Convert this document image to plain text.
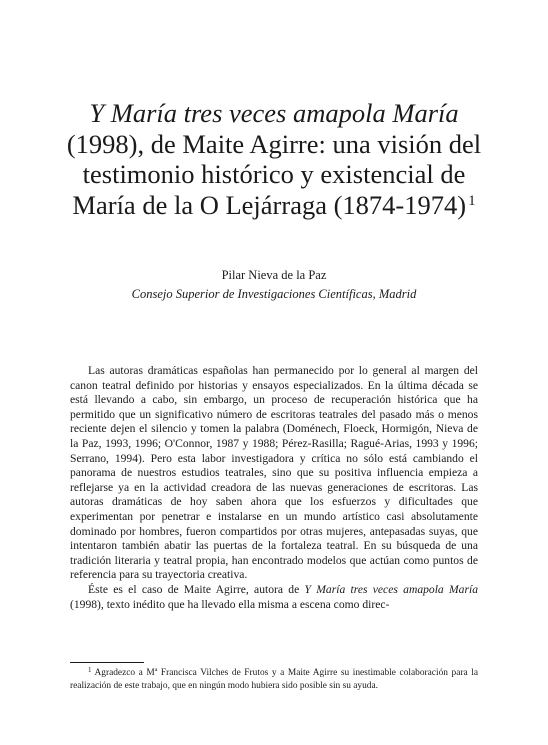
Y María tres veces amapola María (1998), de Maite Agirre: una visión del testimonio histórico y existencial de María de la O Lejárraga (1874-1974) $^1$

Pilar Nieva de la Paz

Consejo Superior de Investigaciones Científicas, Madrid

Las autoras dramáticas españolas han permanecido por lo general al margen del canon teatral definido por historias y ensayos especializados. En la última década se está llevando a cabo, sin embargo, un proceso de recuperación histórica que ha permitido que un significativo número de escritoras teatrales del pasado más o menos reciente dejen el silencio y tomen la palabra (Doménech, Floeck, Hormigón, Nieva de la Paz, 1993, 1996; O'Connor, 1987 y 1988; Pérez-Rasilla; Ragué-Arias, 1993 y 1996; Serrano, 1994). Pero esta labor investigadora y crítica no sólo está cambiando el panorama de nuestros estudios teatrales, sino que su positiva influencia empieza a reflejarse ya en la actividad creadora de las nuevas generaciones de escritoras. Las autoras dramáticas de hoy saben ahora que los esfuerzos y dificultades que experimentan por penetrar e instalarse en un mundo artístico casi absolutamente dominado por hombres, fueron compartidos por otras mujeres, antepasadas suyas, que intentaron también abatir las puertas de la fortaleza teatral. En su búsqueda de una tradición literaria y teatral propia, han encontrado modelos que actúan como puntos de referencia para su trayectoria creativa.

Éste es el caso de Maite Agirre, autora de Y María tres veces amapola María (1998), texto inédito que ha llevado ella misma a escena como direc-

$^1$ Agradezco a Mª Francisca Vilches de Frutos y a Maite Agirre su inestimable colaboración para la realización de este trabajo, que en ningún modo hubiera sido posible sin su ayuda.
